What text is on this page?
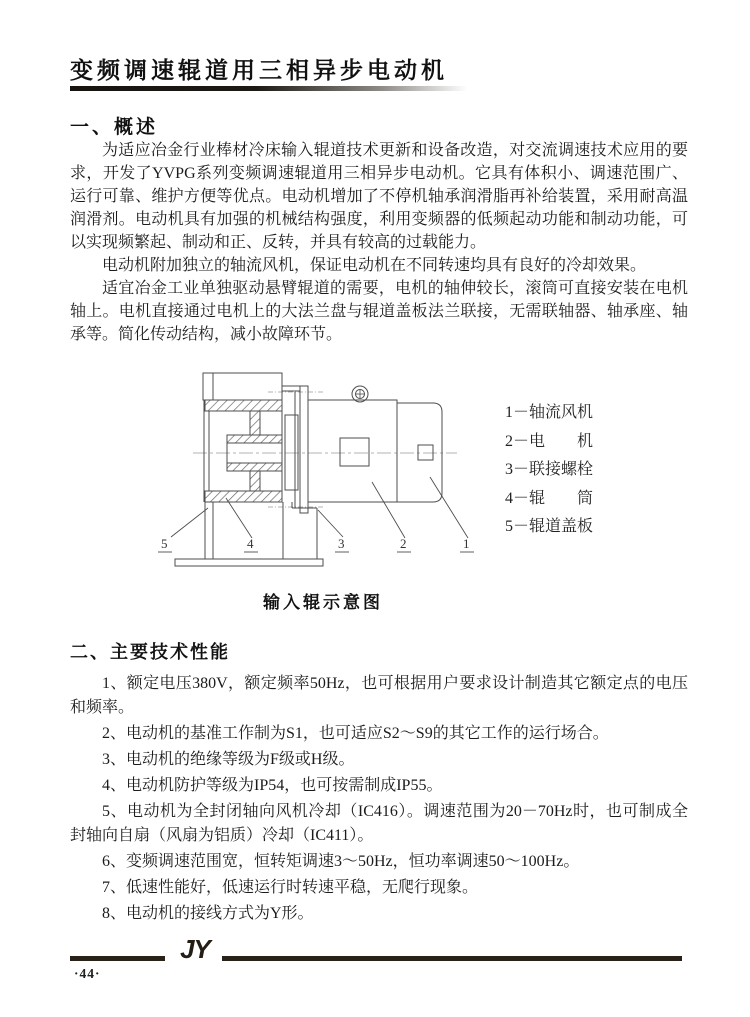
变频调速辊道用三相异步电动机
一、概述

为适应冶金行业棒材冷床输入辊道技术更新和设备改造，对交流调速技术应用的要求，开发了YVPG系列变频调速辊道用三相异步电动机。它具有体积小、调速范围广、运行可靠、维护方便等优点。电动机增加了不停机轴承润滑脂再补给装置，采用耐高温润滑剂。电动机具有加强的机械结构强度，利用变频器的低频起动功能和制动功能，可以实现频繁起、制动和正、反转，并具有较高的过载能力。

电动机附加独立的轴流风机，保证电动机在不同转速均具有良好的冷却效果。

适宜冶金工业单独驱动悬臂辊道的需要，电机的轴伸较长，滚筒可直接安装在电机轴上。电机直接通过电机上的大法兰盘与辊道盖板法兰联接，无需联轴器、轴承座、轴承等。简化传动结构，减小故障环节。

5	4	3	2	1
1－轴流风机
2－电　　机
3－联接螺栓
4－辊　　筒
5－辊道盖板
输入辊示意图
二、主要技术性能

1、额定电压380V，额定频率50Hz，也可根据用户要求设计制造其它额定点的电压和频率。

2、电动机的基准工作制为S1，也可适应S2～S9的其它工作的运行场合。

3、电动机的绝缘等级为F级或H级。

4、电动机防护等级为IP54，也可按需制成IP55。

5、电动机为全封闭轴向风机冷却（IC416）。调速范围为20－70Hz时，也可制成全封轴向自扇（风扇为铝质）冷却（IC411）。

6、变频调速范围宽，恒转矩调速3～50Hz，恒功率调速50～100Hz。

7、低速性能好，低速运行时转速平稳，无爬行现象。

8、电动机的接线方式为Y形。

JY
·44·
